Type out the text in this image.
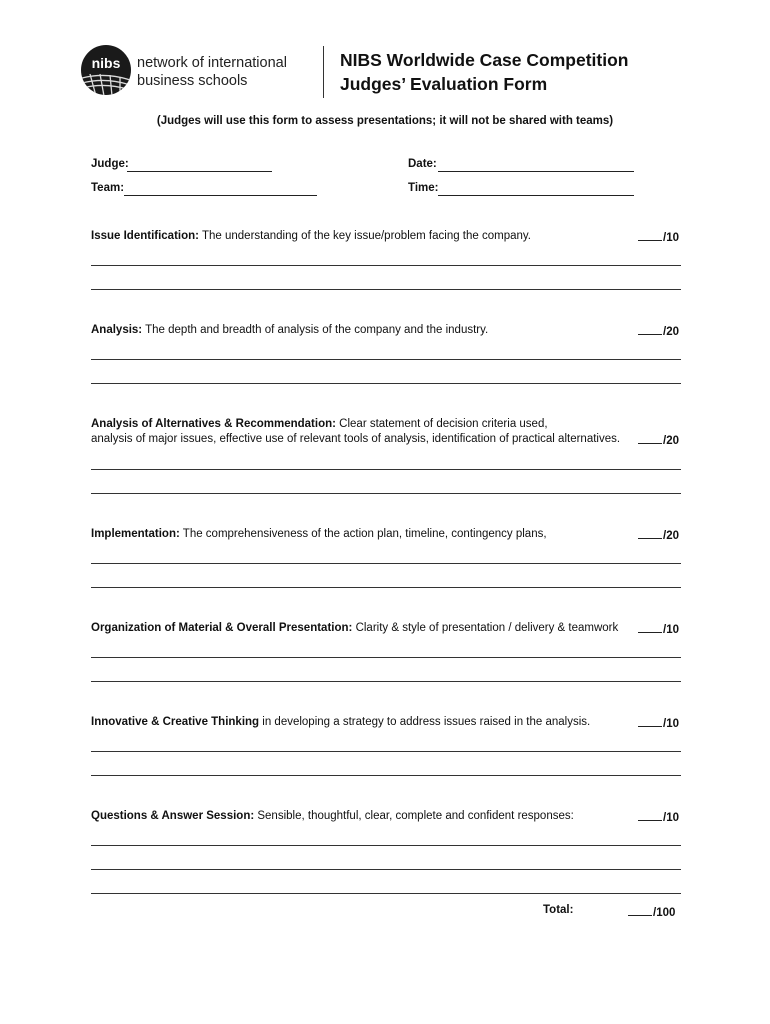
nibs network of international
business schools
NIBS Worldwide Case Competition
Judges’ Evaluation Form
(Judges will use this form to assess presentations; it will not be shared with teams)
Judge:	Date:
Team:	Time:
Issue Identification: The understanding of the key issue/problem facing the company.	/10
Analysis: The depth and breadth of analysis of the company and the industry.	/20
Analysis of Alternatives & Recommendation: Clear statement of decision criteria used,
analysis of major issues, effective use of relevant tools of analysis, identification of practical alternatives.	/20
Implementation: The comprehensiveness of the action plan, timeline, contingency plans,	/20
Organization of Material & Overall Presentation: Clarity & style of presentation / delivery & teamwork	/10
Innovative & Creative Thinking in developing a strategy to address issues raised in the analysis.	/10
Questions & Answer Session: Sensible, thoughtful, clear, complete and confident responses:	/10
Total:	/100
